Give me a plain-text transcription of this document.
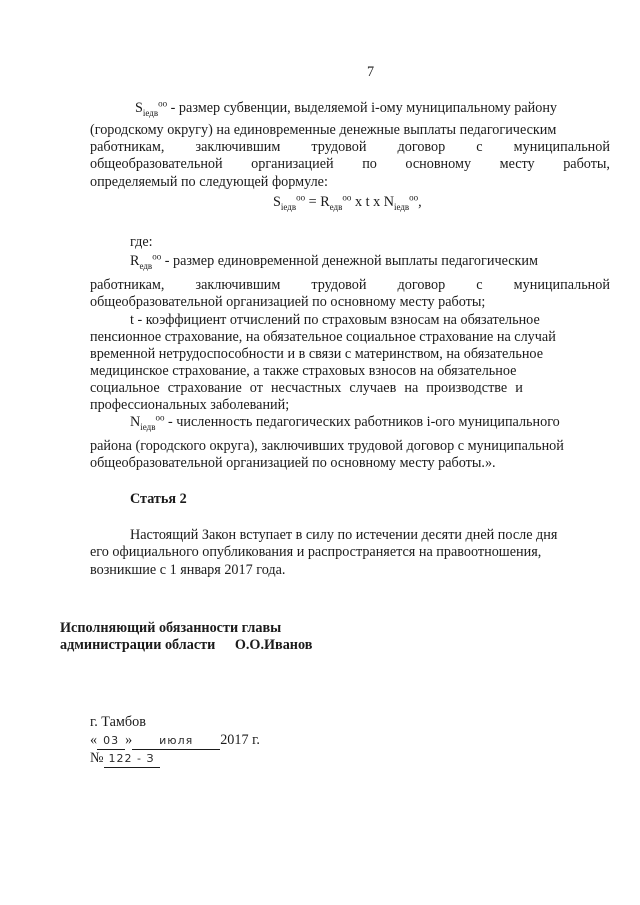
7
$S_{iедв}^{оо}$ - размер субвенции, выделяемой i-ому муниципальному району
(городскому округу) на единовременные денежные выплаты педагогическим
работникам, заключившим трудовой договор с муниципальной
общеобразовательной организацией по основному месту работы,
определяемый по следующей формуле:
$S_{iедв}^{оо} = R_{едв}^{оо}$ x t x $N_{iедв}^{оо}$,
где:
$R_{едв}^{оо}$ - размер единовременной денежной выплаты педагогическим
работникам, заключившим трудовой договор с муниципальной
общеобразовательной организацией по основному месту работы;
t - коэффициент отчислений по страховым взносам на обязательное
пенсионное страхование, на обязательное социальное страхование на случай
временной нетрудоспособности и в связи с материнством, на обязательное
медицинское страхование, а также страховых взносов на обязательное
социальное страхование от несчастных случаев на производстве и
профессиональных заболеваний;
$N_{iедв}^{оо}$ - численность педагогических работников i-ого муниципального
района (городского округа), заключивших трудовой договор с муниципальной
общеобразовательной организацией по основному месту работы.».
Статья 2
Настоящий Закон вступает в силу по истечении десяти дней после дня
его официального опубликования и распространяется на правоотношения,
возникшие с 1 января 2017 года.
Исполняющий обязанности главы
администрации области О.О.Иванов
г. Тамбов
« 03 » июля 2017 г.
№ 122 - З
